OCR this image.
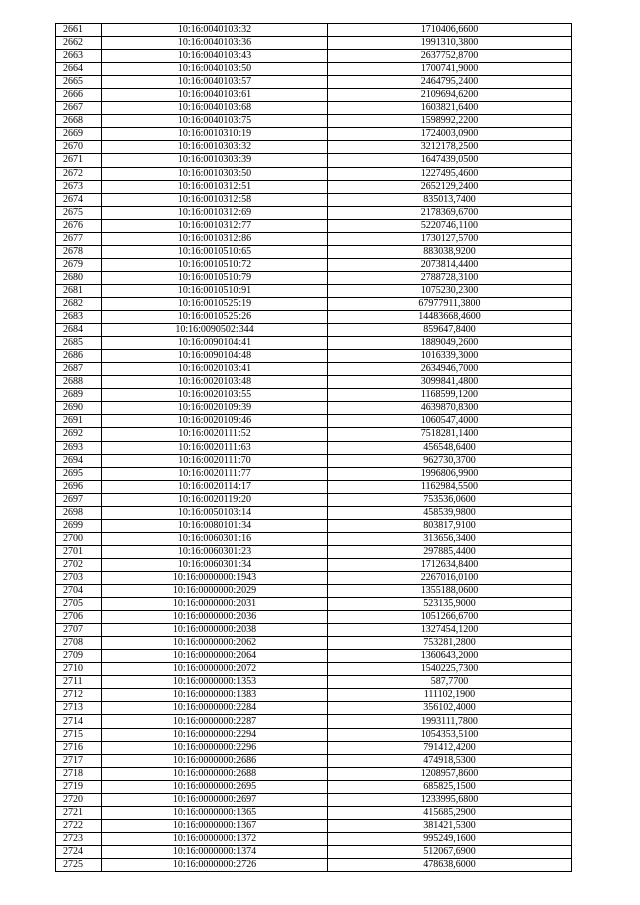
2661	10:16:0040103:32	1710406,6600
2662	10:16:0040103:36	1991310,3800
2663	10:16:0040103:43	2637752,8700
2664	10:16:0040103:50	1700741,9000
2665	10:16:0040103:57	2464795,2400
2666	10:16:0040103:61	2109694,6200
2667	10:16:0040103:68	1603821,6400
2668	10:16:0040103:75	1598992,2200
2669	10:16:0010310:19	1724003,0900
2670	10:16:0010303:32	3212178,2500
2671	10:16:0010303:39	1647439,0500
2672	10:16:0010303:50	1227495,4600
2673	10:16:0010312:51	2652129,2400
2674	10:16:0010312:58	835013,7400
2675	10:16:0010312:69	2178369,6700
2676	10:16:0010312:77	5220746,1100
2677	10:16:0010312:86	1730127,5700
2678	10:16:0010510:65	883038,9200
2679	10:16:0010510:72	2073814,4400
2680	10:16:0010510:79	2788728,3100
2681	10:16:0010510:91	1075230,2300
2682	10:16:0010525:19	67977911,3800
2683	10:16:0010525:26	14483668,4600
2684	10:16:0090502:344	859647,8400
2685	10:16:0090104:41	1889049,2600
2686	10:16:0090104:48	1016339,3000
2687	10:16:0020103:41	2634946,7000
2688	10:16:0020103:48	3099841,4800
2689	10:16:0020103:55	1168599,1200
2690	10:16:0020109:39	4639870,8300
2691	10:16:0020109:46	1060547,4000
2692	10:16:0020111:52	7518281,1400
2693	10:16:0020111:63	456548,6400
2694	10:16:0020111:70	962730,3700
2695	10:16:0020111:77	1996806,9900
2696	10:16:0020114:17	1162984,5500
2697	10:16:0020119:20	753536,0600
2698	10:16:0050103:14	458539,9800
2699	10:16:0080101:34	803817,9100
2700	10:16:0060301:16	313656,3400
2701	10:16:0060301:23	297885,4400
2702	10:16:0060301:34	1712634,8400
2703	10:16:0000000:1943	2267016,0100
2704	10:16:0000000:2029	1355188,0600
2705	10:16:0000000:2031	523135,9000
2706	10:16:0000000:2036	1051266,6700
2707	10:16:0000000:2038	1327454,1200
2708	10:16:0000000:2062	753281,2800
2709	10:16:0000000:2064	1360643,2000
2710	10:16:0000000:2072	1540225,7300
2711	10:16:0000000:1353	587,7700
2712	10:16:0000000:1383	111102,1900
2713	10:16:0000000:2284	356102,4000
2714	10:16:0000000:2287	1993111,7800
2715	10:16:0000000:2294	1054353,5100
2716	10:16:0000000:2296	791412,4200
2717	10:16:0000000:2686	474918,5300
2718	10:16:0000000:2688	1208957,8600
2719	10:16:0000000:2695	685825,1500
2720	10:16:0000000:2697	1233995,6800
2721	10:16:0000000:1365	415685,2900
2722	10:16:0000000:1367	381421,5300
2723	10:16:0000000:1372	995249,1600
2724	10:16:0000000:1374	512067,6900
2725	10:16:0000000:2726	478638,6000
